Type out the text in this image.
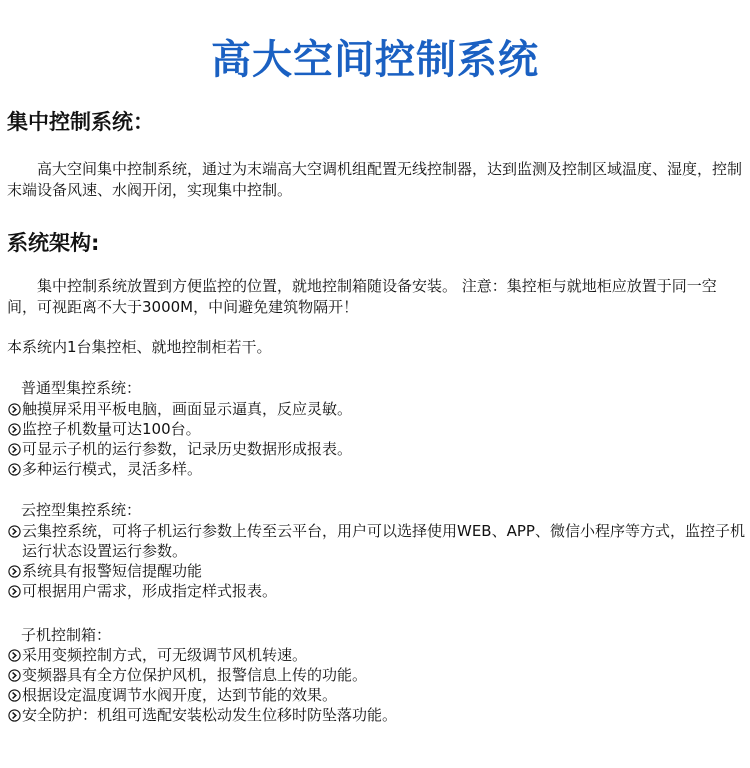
高大空间控制系统
集中控制系统：
高大空间集中控制系统，通过为末端高大空调机组配置无线控制器，达到监测及控制区域温度、湿度，控制末端设备风速、水阀开闭，实现集中控制。
系统架构:
集中控制系统放置到方便监控的位置，就地控制箱随设备安装。 注意：集控柜与就地柜应放置于同一空间，可视距离不大于3000M，中间避免建筑物隔开！
本系统内1台集控柜、就地控制柜若干。
普通型集控系统：
触摸屏采用平板电脑，画面显示逼真，反应灵敏。
监控子机数量可达100台。
可显示子机的运行参数，记录历史数据形成报表。
多种运行模式，灵活多样。
云控型集控系统：
云集控系统，可将子机运行参数上传至云平台，用户可以选择使用WEB、APP、微信小程序等方式，监控子机运行状态设置运行参数。
系统具有报警短信提醒功能
可根据用户需求，形成指定样式报表。
子机控制箱：
采用变频控制方式，可无级调节风机转速。
变频器具有全方位保护风机，报警信息上传的功能。
根据设定温度调节水阀开度，达到节能的效果。
安全防护：机组可选配安装松动发生位移时防坠落功能。
